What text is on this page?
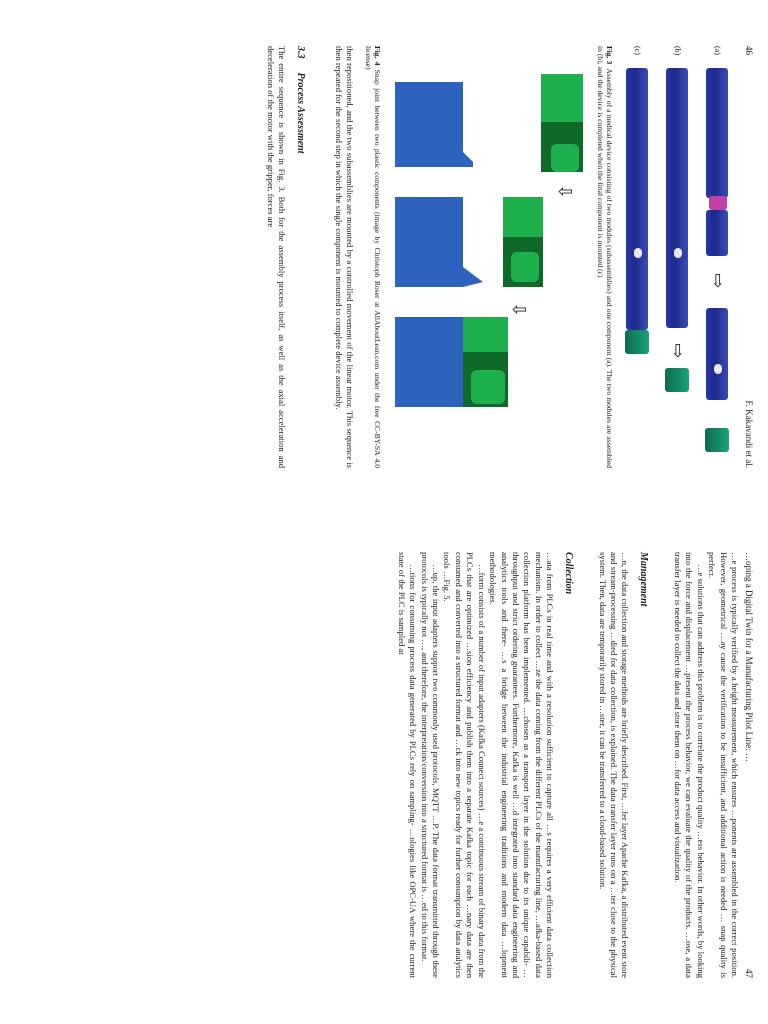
46
F. Kakavandi et al.
(a)
⇨
(b)
⇨
(c)
Fig. 3Assembly of a medical device consisting of two modules (subassemblies) and one component (a). The two modules are assembled in (b), and the device is completed when the final component is mounted (c)
⇩
⇩
Fig. 4Snap joint between two plastic components (image by Christoph Roser at AllAboutLean.com under the free CC-BY-SA 4.0 license)

then repositioned, and the two subassemblies are mounted by a controlled movement of the linear motor. This sequence is then repeated for the second step in which the single component is mounted to complete device assembly.

3.3Process Assessment

The entire sequence is shown in Fig. 3. Both for the assembly process itself, as well as the axial acceleration and deceleration of the motor with the gripper, forces are

…oping a Digital Twin for a Manufacturing Pilot Line: …
47

…e process is typically verified by a height measurement, which ensures …ponents are assembled in the correct position. However, geometrical …ay cause the verification to be insufficient, and additional action is needed … snap quality is perfect.

…e solutions that can address this problem is to correlate the product quality …ess behavior. In other words, by looking into the force and displacement …present the process behavior, we can evaluate the quality of the products. …ose, a data transfer layer is needed to collect the data and store them on …for data access and visualization.

Management

…n, the data collection and storage methods are briefly described. First, …fer layer Apache Kafka, a distributed event store and stream-processing …died for data collection, is explained. The data transfer layer runs on a …ter close to the physical system. Then, data are temporarily stored in …ster, it can be transferred to a cloud-based solution.

Collection

…ata from PLCs in real time and with a resolution sufficient to capture all …s requires a very efficient data collection mechanism. In order to collect …ze the data coming from the different PLCs of the manufacturing line, …afka-based data collection platform has been implemented. …chosen as a transport layer in the solution due to its unique capabili- …throughput and strict ordering guarantees. Furthermore, Kafka is well …d integrated into standard data engineering and analytics tools and there- …s a bridge between the industrial engineering traditions and modern data …lopment methodologies.

…form consists of a number of input adapters (Kafka Connect sources) …e a continuous stream of binary data from the PLCs that are optimized …sion efficiency and publish them into a separate Kafka topic for each …nary data are then consumed and converted into a structured format and …ck into new topics ready for further consumption by data analytics tools …Fig. 5.

…up, the input adapters support two commonly used protocols, MQTT …P. The data format transmitted through these protocols is typically not …, and therefore, the interpretation/conversion into a structured format is …ed to this format.

…tions for consuming process data generated by PLCs rely on sampling- …ologies like OPC-UA where the current state of the PLC is sampled at
